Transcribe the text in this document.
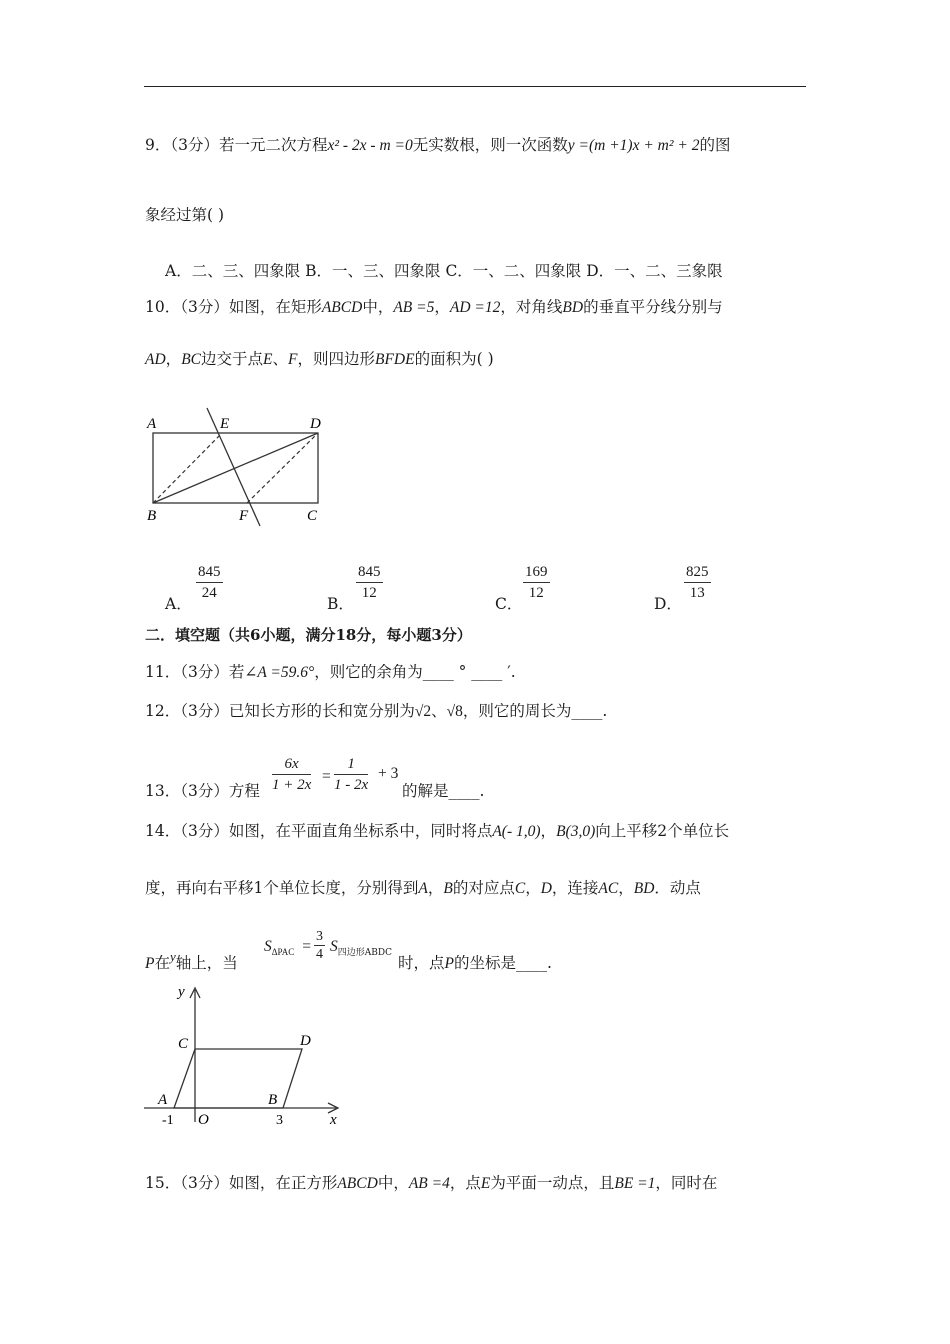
9．（3分）若一元二次方程x² - 2x - m =0无实数根，则一次函数y =(m +1)x + m² + 2的图
象经过第( )
A．二、三、四象限 B．一、三、四象限 C．一、二、四象限 D．一、二、三象限
10．（3分）如图，在矩形ABCD中，AB =5，AD =12，对角线BD的垂直平分线分别与
AD，BC边交于点E、F，则四边形BFDE的面积为( )
A	E	D
B	F	C
A．
$\frac{845}{24}$
B．
$\frac{845}{12}$
C．
$\frac{169}{12}$
D．
$\frac{825}{13}$
二．填空题（共6小题，满分18分，每小题3分）
11．（3分）若∠A =59.6°，则它的余角为____ ° ____ ′.
12．（3分）已知长方形的长和宽分别为√2、√8，则它的周长为____.
13．（3分）方程 $\frac{6x}{1 + 2x} = \frac{1}{1 - 2x} + 3$
的解是____.
14．（3分）如图，在平面直角坐标系中，同时将点A(- 1,0)，B(3,0)向上平移2个单位长
度，再向右平移1个单位长度，分别得到A，B的对应点C，D，连接AC，BD．动点
P在$^y$轴上，当
$S_{\Delta PAC} = \frac{3}{4} S_{四边形ABDC}$
时，点P的坐标是____.
y
x
C	D
A	B
O
-1	3
15．（3分）如图，在正方形ABCD中，AB =4，点E为平面一动点，且BE =1，同时在
